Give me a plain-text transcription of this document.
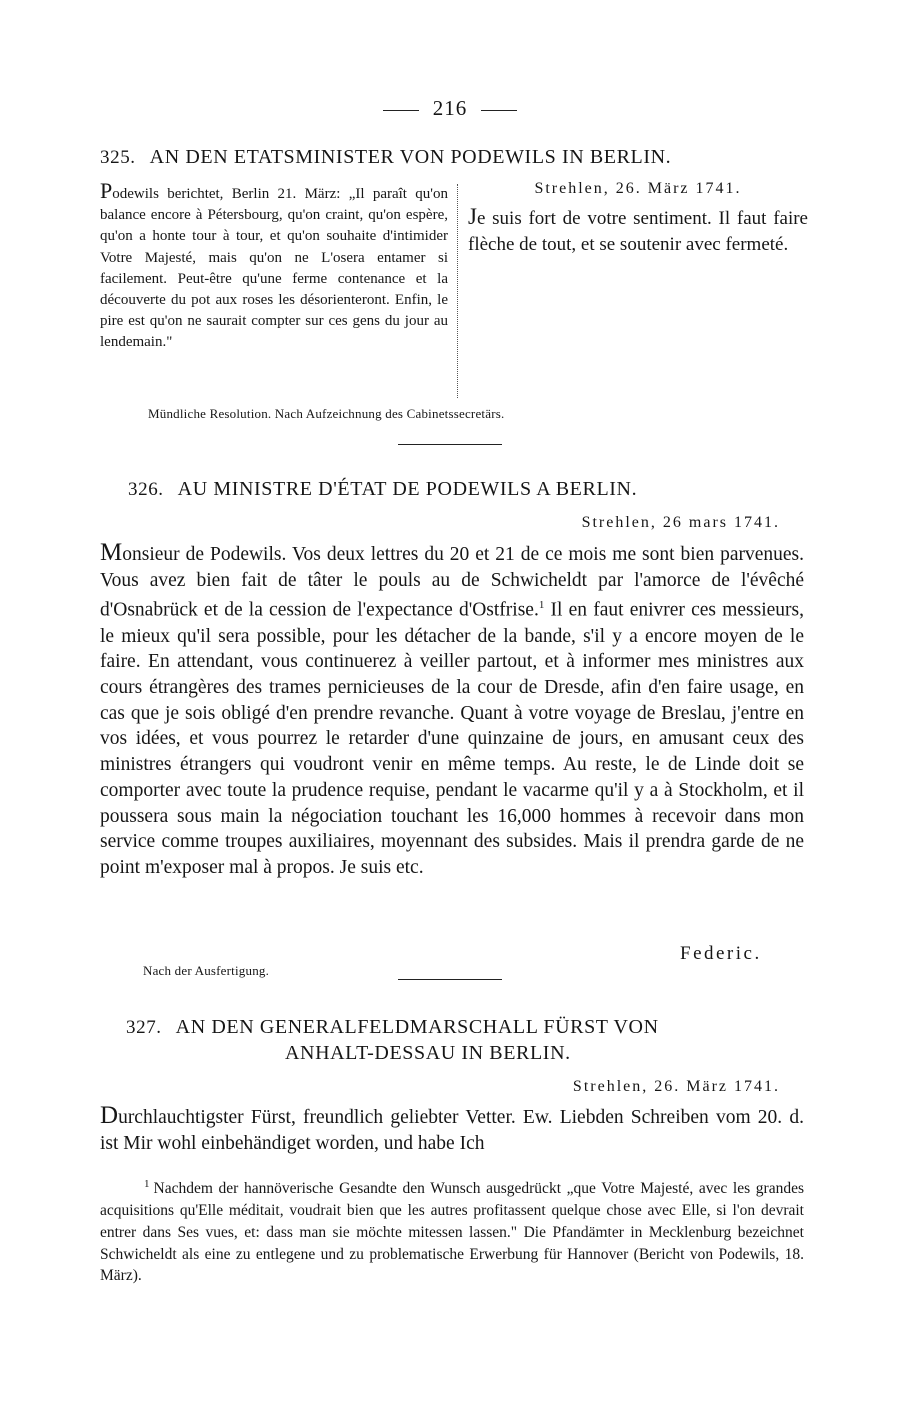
216
325. AN DEN ETATSMINISTER VON PODEWILS IN BERLIN.
Podewils berichtet, Berlin 21. März: „Il paraît qu'on balance encore à Pétersbourg, qu'on craint, qu'on espère, qu'on a honte tour à tour, et qu'on souhaite d'intimider Votre Majesté, mais qu'on ne L'osera entamer si facilement. Peut-être qu'une ferme contenance et la découverte du pot aux roses les désorienteront. Enfin, le pire est qu'on ne saurait compter sur ces gens du jour au lendemain."
Strehlen, 26. März 1741.
Je suis fort de votre sentiment. Il faut faire flèche de tout, et se soutenir avec fermeté.
Mündliche Resolution. Nach Aufzeichnung des Cabinetssecretärs.
326. AU MINISTRE D'ÉTAT DE PODEWILS A BERLIN.
Strehlen, 26 mars 1741.
Monsieur de Podewils. Vos deux lettres du 20 et 21 de ce mois me sont bien parvenues. Vous avez bien fait de tâter le pouls au de Schwicheldt par l'amorce de l'évêché d'Osnabrück et de la cession de l'expectance d'Ostfrise.$^1$ Il en faut enivrer ces messieurs, le mieux qu'il sera possible, pour les détacher de la bande, s'il y a encore moyen de le faire. En attendant, vous continuerez à veiller partout, et à informer mes ministres aux cours étrangères des trames pernicieuses de la cour de Dresde, afin d'en faire usage, en cas que je sois obligé d'en prendre revanche. Quant à votre voyage de Breslau, j'entre en vos idées, et vous pourrez le retarder d'une quinzaine de jours, en amusant ceux des ministres étrangers qui voudront venir en même temps. Au reste, le de Linde doit se comporter avec toute la prudence requise, pendant le vacarme qu'il y a à Stockholm, et il poussera sous main la négociation touchant les 16,000 hommes à recevoir dans mon service comme troupes auxiliaires, moyennant des subsides. Mais il prendra garde de ne point m'exposer mal à propos. Je suis etc.
Federic.
Nach der Ausfertigung.
327. AN DEN GENERALFELDMARSCHALL FÜRST VON
ANHALT-DESSAU IN BERLIN.
Strehlen, 26. März 1741.
Durchlauchtigster Fürst, freundlich geliebter Vetter. Ew. Liebden Schreiben vom 20. d. ist Mir wohl einbehändiget worden, und habe Ich
$^1$ Nachdem der hannöverische Gesandte den Wunsch ausgedrückt „que Votre Majesté, avec les grandes acquisitions qu'Elle méditait, voudrait bien que les autres profitassent quelque chose avec Elle, si l'on devrait entrer dans Ses vues, et: dass man sie möchte mitessen lassen." Die Pfandämter in Mecklenburg bezeichnet Schwicheldt als eine zu entlegene und zu problematische Erwerbung für Hannover (Bericht von Podewils, 18. März).
